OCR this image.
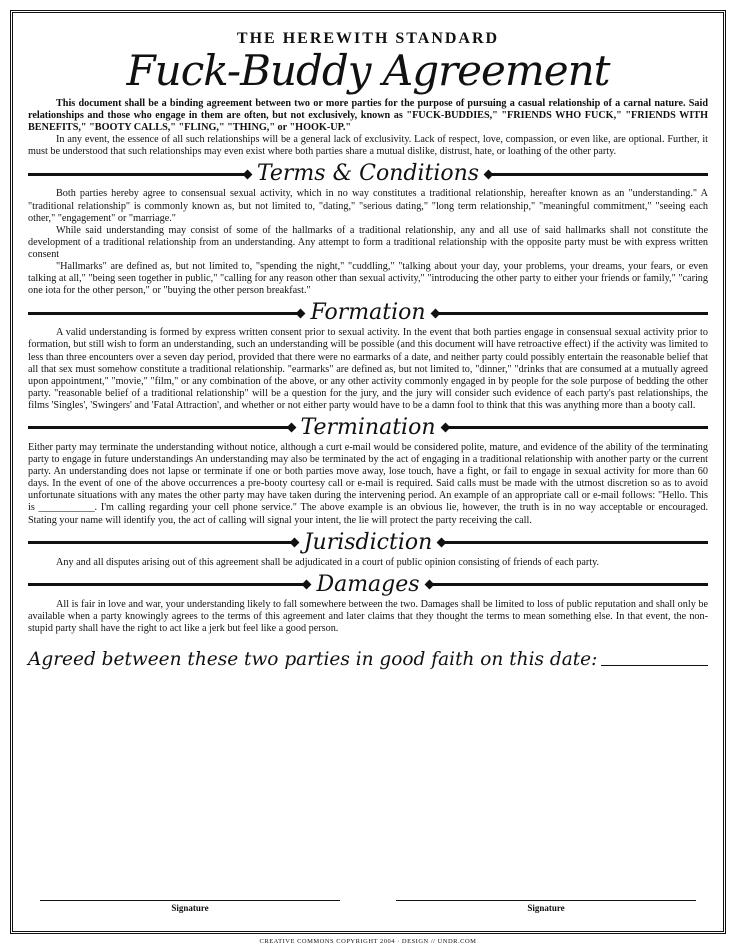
THE HEREWITH STANDARD
Fuck-Buddy Agreement

This document shall be a binding agreement between two or more parties for the purpose of pursuing a casual relationship of a carnal nature. Said relationships and those who engage in them are often, but not exclusively, known as "FUCK-BUDDIES," "FRIENDS WHO FUCK," "FRIENDS WITH BENEFITS," "BOOTY CALLS," "FLING," "THING," or "HOOK-UP."

In any event, the essence of all such relationships will be a general lack of exclusivity. Lack of respect, love, compassion, or even like, are optional. Further, it must be understood that such relationships may even exist where both parties share a mutual dislike, distrust, hate, or loathing of the other party.

Terms & Conditions

Both parties hereby agree to consensual sexual activity, which in no way constitutes a traditional relationship, hereafter known as an "understanding." A "traditional relationship" is commonly known as, but not limited to, "dating," "serious dating," "long term relationship," "meaningful commitment," "seeing each other," "engagement" or "marriage."

While said understanding may consist of some of the hallmarks of a traditional relationship, any and all use of said hallmarks shall not constitute the development of a traditional relationship from an understanding. Any attempt to form a traditional relationship with the opposite party must be with express written consent

"Hallmarks" are defined as, but not limited to, "spending the night," "cuddling," "talking about your day, your problems, your dreams, your fears, or even talking at all," "being seen together in public," "calling for any reason other than sexual activity," "introducing the other party to either your friends or family," "caring one iota for the other person," or "buying the other person breakfast."

Formation

A valid understanding is formed by express written consent prior to sexual activity. In the event that both parties engage in consensual sexual activity prior to formation, but still wish to form an understanding, such an understanding will be possible (and this document will have retroactive effect) if the activity was limited to less than three encounters over a seven day period, provided that there were no earmarks of a date, and neither party could possibly entertain the reasonable belief that all that sex must somehow constitute a traditional relationship. "earmarks" are defined as, but not limited to, "dinner," "drinks that are consumed at a mutually agreed upon appointment," "movie," "film," or any combination of the above, or any other activity commonly engaged in by people for the sole purpose of bedding the other party. "reasonable belief of a traditional relationship" will be a question for the jury, and the jury will consider such evidence of each party's past relationships, the films 'Singles', 'Swingers' and 'Fatal Attraction', and whether or not either party would have to be a damn fool to think that this was anything more than a booty call.

Termination

Either party may terminate the understanding without notice, although a curt e-mail would be considered polite, mature, and evidence of the ability of the terminating party to engage in future understandings An understanding may also be terminated by the act of engaging in a traditional relationship with another party or the current party. An understanding does not lapse or terminate if one or both parties move away, lose touch, have a fight, or fail to engage in sexual activity for more than 60 days. In the event of one of the above occurrences a pre-booty courtesy call or e-mail is required. Said calls must be made with the utmost discretion so as to avoid unfortunate situations with any mates the other party may have taken during the intervening period. An example of an appropriate call or e-mail follows: "Hello. This is ___________. I'm calling regarding your cell phone service." The above example is an obvious lie, however, the truth is in no way acceptable or encouraged. Stating your name will identify you, the act of calling will signal your intent, the lie will protect the party receiving the call.

Jurisdiction

Any and all disputes arising out of this agreement shall be adjudicated in a court of public opinion consisting of friends of each party.

Damages

All is fair in love and war, your understanding likely to fall somewhere between the two. Damages shall be limited to loss of public reputation and shall only be available when a party knowingly agrees to the terms of this agreement and later claims that they thought the terms to mean something else. In that event, the non-stupid party shall have the right to act like a jerk but feel like a good person.

Agreed between these two parties in good faith on this date:
Signature	Signature
CREATIVE COMMONS COPYRIGHT 2004 · DESIGN // UNDR.COM
